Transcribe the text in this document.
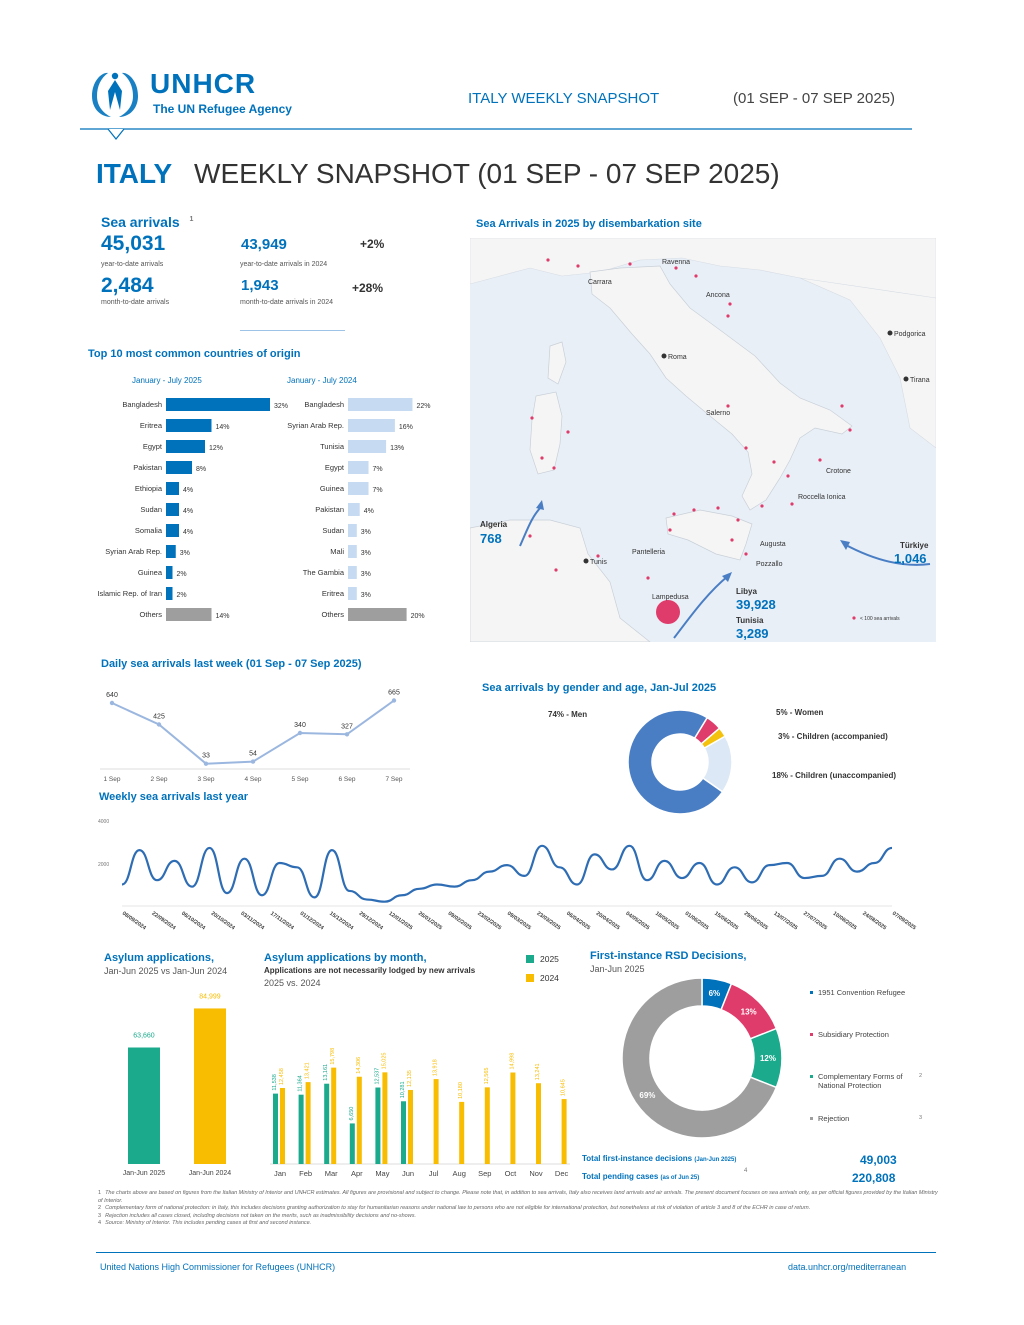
UNHCR
The UN Refugee Agency
ITALY WEEKLY SNAPSHOT	(01 SEP - 07 SEP 2025)
ITALY WEEKLY SNAPSHOT (01 SEP - 07 SEP 2025)
Sea arrivals $^1$
45,031
year-to-date arrivals
43,949	+2%
year-to-date arrivals in 2024
2,484
month-to-date arrivals
1,943	+28%
month-to-date arrivals in 2024
Top 10 most common countries of origin
January - July 2025	January - July 2024
Bangladesh	32%
Eritrea	14%
Egypt	12%
Pakistan	8%
Ethiopia	4%
Sudan	4%
Somalia	4%
Syrian Arab Rep.	3%
Guinea 2%
Islamic Rep. of Iran 2%
Others	14%
Bangladesh	22%
Syrian Arab Rep.	16%
Tunisia	13%
Egypt	7%
Guinea	7%
Pakistan	4%
Sudan 3%
Mali 3%
The Gambia 3%
Eritrea 3%
Others	20%
Sea Arrivals in 2025 by disembarkation site
Ravenna
Carrara
Ancona
Podgorica
Roma
Tirana
Salerno
Crotone
Roccella Ionica
Augusta
Pozzallo
Pantelleria
Tunis
Lampedusa
Algeria
768	Türkiye
1,046
Libya
39,928
Tunisia
3,289
< 100 sea arrivals
Daily sea arrivals last week (01 Sep - 07 Sep 2025)
640
1 Sep
425
2 Sep
33
3 Sep
54
4 Sep
340
5 Sep
327
6 Sep
665
7 Sep
Sea arrivals by gender and age, Jan-Jul 2025
74% - Men	5% - Women
3% - Children (accompanied)
18% - Children (unaccompanied)
Weekly sea arrivals last year
4000
2000
08/09/2024 22/09/2024 06/10/2024 20/10/2024 03/11/2024 17/11/2024 01/12/2024 15/12/2024 29/12/2024 12/01/2025 26/01/2025 09/02/2025 23/02/2025 09/03/2025 23/03/2025 06/04/2025 20/04/2025 04/05/2025 18/05/2025 01/06/2025 15/06/2025 29/06/2025 13/07/2025 27/07/2025 10/08/2025 24/08/2025 07/09/2025
Asylum applications,
Jan-Jun 2025 vs Jan-Jun 2024
63,660
Jan-Jun 2025
84,999
Jan-Jun 2024
Asylum applications by month,
Applications are not necessarily lodged by new arrivals
2025 vs. 2024
2025
2024
11,538 12,458
Jan
11,364
13,421
Feb
13,161
15,798
Mar
6,650
14,306
Apr
12,537
15,025
May
10,281
12,135
Jun
13,918
Jul
10,180
Aug
12,565
Sep
14,998
Oct
13,241
Nov
10,645
Dec
First-instance RSD Decisions,
Jan-Jun 2025
6%
13%
12%
69%
1951 Convention Refugee
Subsidiary Protection
Complementary Forms of National Protection
2
Rejection	3
Total first-instance decisions (Jan-Jun 2025)	49,003
Total pending cases (as of Jun 25)
4	220,808
1 The charts above are based on figures from the Italian Ministry of Interior and UNHCR estimates. All figures are provisional and subject to change. Please note that, in addition to sea arrivals, Italy also receives land arrivals and air arrivals. The present document focuses on sea arrivals only, as per official figures provided by the Italian Ministry of Interior.
2 Complementary form of national protection: in Italy, this includes decisions granting authorization to stay for humanitarian reasons under national law to persons who are not eligible for international protection, but nonetheless at risk of violation of article 3 and 8 of the ECHR in case of return.
3 Rejection includes all cases closed, including decisions not taken on the merits, such as inadmissibility decisions and no-shows.
4 Source: Ministry of Interior. This includes pending cases at first and second instance.
United Nations High Commissioner for Refugees (UNHCR)	data.unhcr.org/mediterranean
